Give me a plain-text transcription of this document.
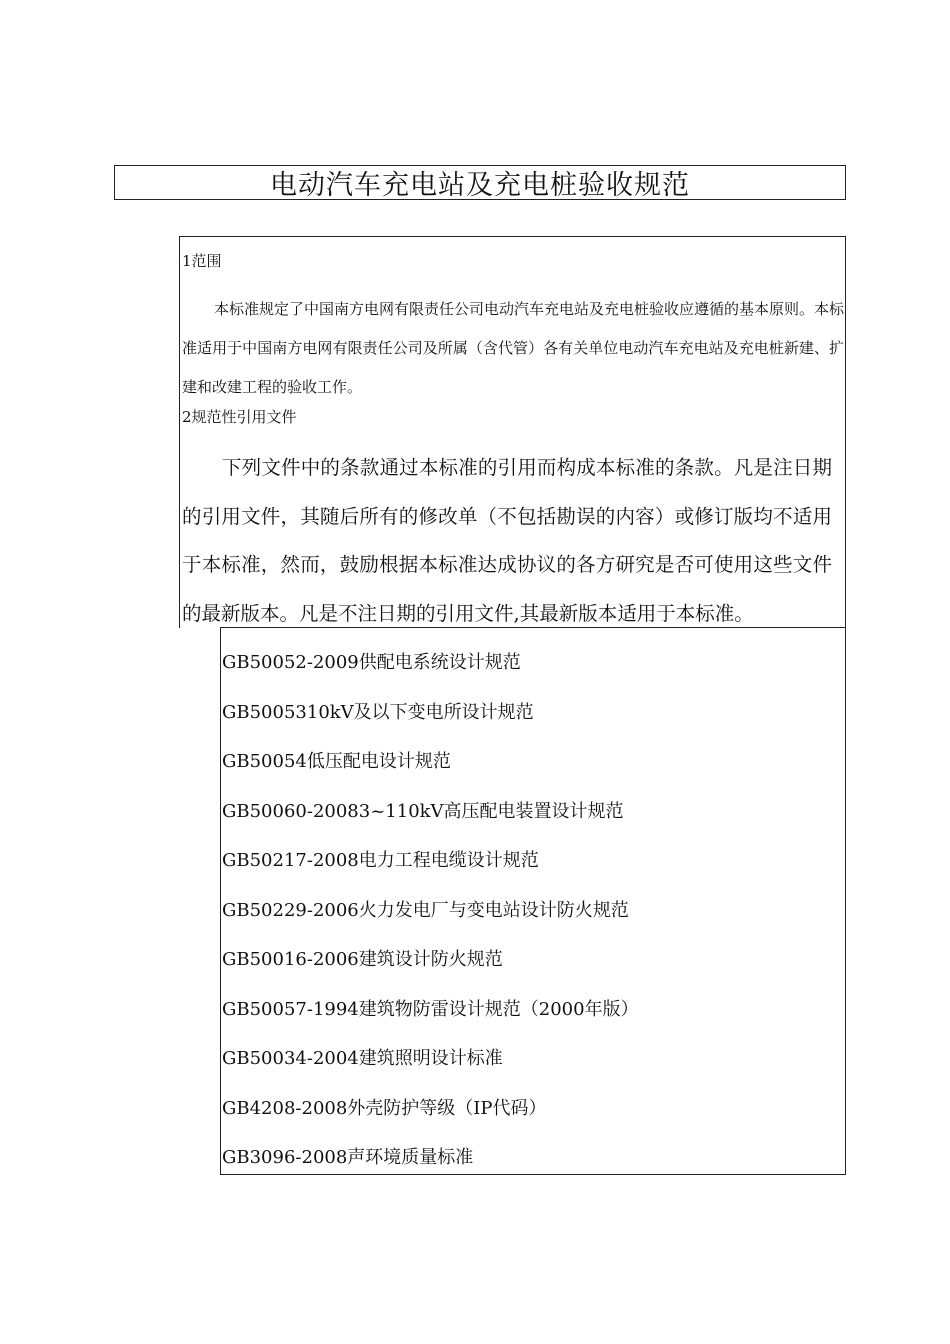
电动汽车充电站及充电桩验收规范
1范围

本标准规定了中国南方电网有限责任公司电动汽车充电站及充电桩验收应遵循的基本原则。本标准适用于中国南方电网有限责任公司及所属（含代管）各有关单位电动汽车充电站及充电桩新建、扩建和改建工程的验收工作。

2规范性引用文件

下列文件中的条款通过本标准的引用而构成本标准的条款。凡是注日期的引用文件，其随后所有的修改单（不包括勘误的内容）或修订版均不适用于本标准，然而，鼓励根据本标准达成协议的各方研究是否可使用这些文件的最新版本。凡是不注日期的引用文件,其最新版本适用于本标准。

GB50052-2009供配电系统设计规范
GB5005310kV及以下变电所设计规范
GB50054低压配电设计规范
GB50060-20083~110kV高压配电装置设计规范
GB50217-2008电力工程电缆设计规范
GB50229-2006火力发电厂与变电站设计防火规范
GB50016-2006建筑设计防火规范
GB50057-1994建筑物防雷设计规范（2000年版）
GB50034-2004建筑照明设计标准
GB4208-2008外壳防护等级（IP代码）
GB3096-2008声环境质量标准
